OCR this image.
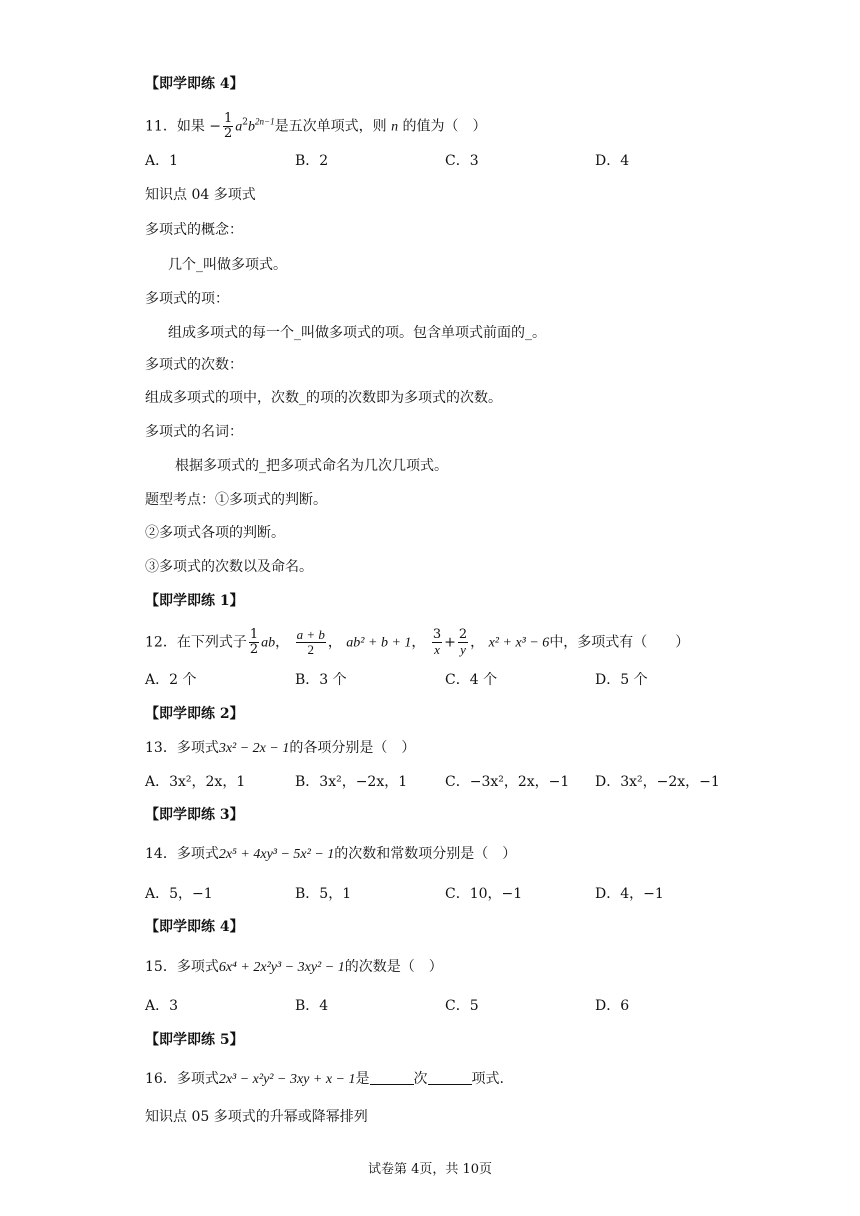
【即学即练 4】
11．如果 − $\frac{1}{2} a^2b^{2n-1}$是五次单项式，则 n 的值为（　）
A．1	B．2	C．3	D．4
知识点 04 多项式
多项式的概念：
几个_叫做多项式。
多项式的项：
组成多项式的每一个_叫做多项式的项。包含单项式前面的_。
多项式的次数：
组成多项式的项中，次数_的项的次数即为多项式的次数。
多项式的名词：
根据多项式的_把多项式命名为几次几项式。
题型考点：①多项式的判断。
②多项式各项的判断。
③多项式的次数以及命名。
【即学即练 1】
12．在下列式子 $\frac{1}{2}$ ab， $\frac{a + b}{2}$ ， ab² + b + 1， $\frac{3}{x} + \frac{2}{y}$ ， x² + x³ − 6中，多项式有（　　）
A．2 个	B．3 个	C．4 个	D．5 个
【即学即练 2】
13．多项式3x² − 2x − 1的各项分别是（　）
A．3x²，2x，1	B．3x²，−2x，1	C．−3x²，2x，−1 D．3x²，−2x，−1
【即学即练 3】
14．多项式2x⁵ + 4xy³ − 5x² − 1的次数和常数项分别是（　）
A．5，−1	B．5，1	C．10，−1	D．4，−1
【即学即练 4】
15．多项式6x⁴ + 2x²y³ − 3xy² − 1的次数是（　）
A．3	B．4	C．5	D．6
【即学即练 5】
16．多项式2x³ − x²y² − 3xy + x − 1是	次	项式.
知识点 05 多项式的升幂或降幂排列
试卷第 4页，共 10页
